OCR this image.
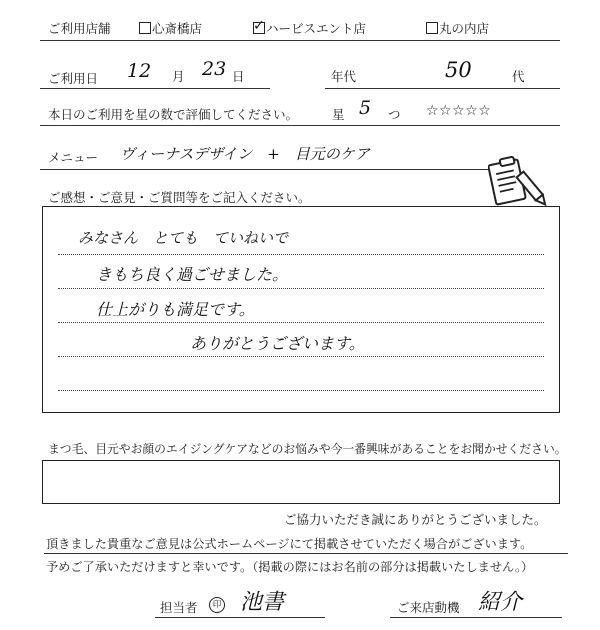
ご利用店舗	心斎橋店	✓ ハービスエント店	丸の内店
ご利用日 12 月 23 日	年代	50	代
本日のご利用を星の数で評価してください。	星 5 つ ☆☆☆☆☆
メニュー ヴィーナスデザイン　+　目元のケア
ご感想・ご意見・ご質問等をご記入ください。
みなさん　とても　ていねいで
きもち良く過ごせました。
仕上がりも満足です。
ありがとうございます。
まつ毛、目元やお顔のエイジングケアなどのお悩みや今一番興味があることをお聞かせください。
ご協力いただき誠にありがとうございました。
頂きました貴重なご意見は公式ホームページにて掲載させていただく場合がございます。
予めご了承いただけますと幸いです。（掲載の際にはお名前の部分は掲載いたしません。）
担当者	印 池書	ご来店動機 紹介
